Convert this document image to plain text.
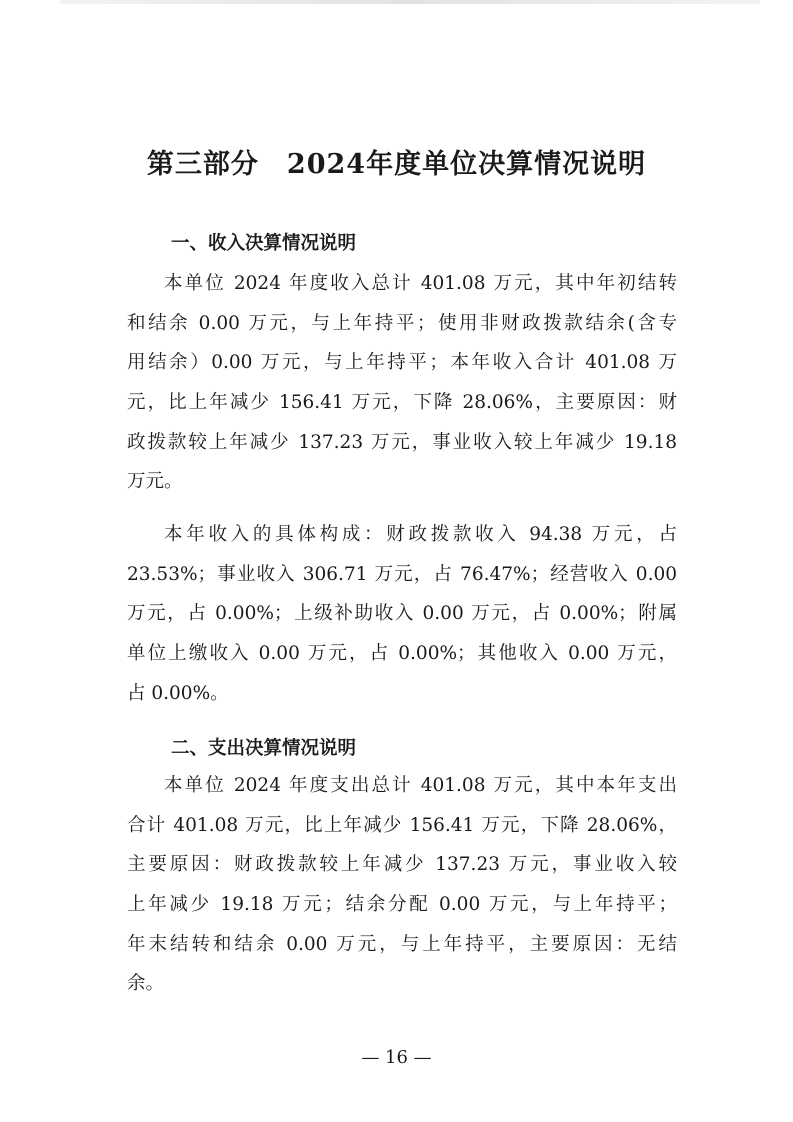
第三部分　2024年度单位决算情况说明
一、收入决算情况说明
本单位 2024 年度收入总计 401.08 万元，其中年初结转
和结余 0.00 万元，与上年持平；使用非财政拨款结余(含专
用结余）0.00 万元，与上年持平；本年收入合计 401.08 万
元，比上年减少 156.41 万元，下降 28.06%，主要原因：财
政拨款较上年减少 137.23 万元，事业收入较上年减少 19.18
万元。
本年收入的具体构成：财政拨款收入 94.38 万元，占
23.53%；事业收入 306.71 万元，占 76.47%；经营收入 0.00
万元，占 0.00%；上级补助收入 0.00 万元，占 0.00%；附属
单位上缴收入 0.00 万元，占 0.00%；其他收入 0.00 万元，
占 0.00%。
二、支出决算情况说明
本单位 2024 年度支出总计 401.08 万元，其中本年支出
合计 401.08 万元，比上年减少 156.41 万元，下降 28.06%，
主要原因：财政拨款较上年减少 137.23 万元，事业收入较
上年减少 19.18 万元；结余分配 0.00 万元，与上年持平；
年末结转和结余 0.00 万元，与上年持平，主要原因：无结
余。
— 16 —
